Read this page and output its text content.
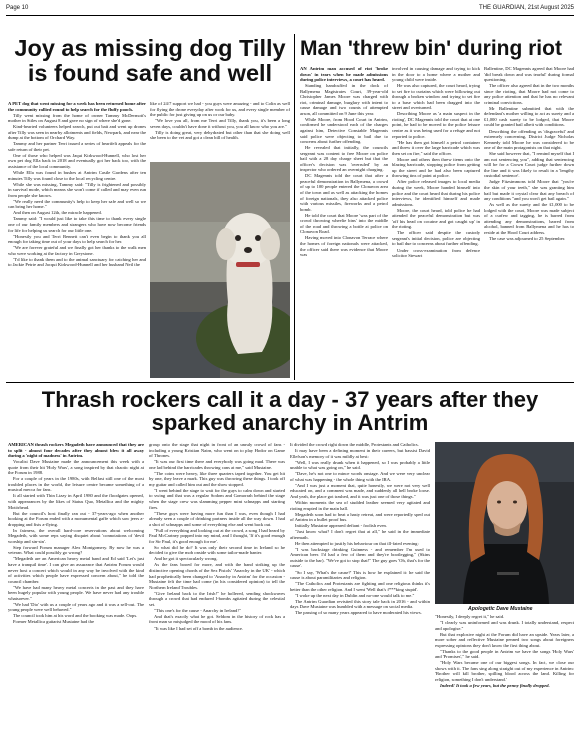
Page 10	THE GUARDIAN, 21st August 2025
Joy as missing dog Tilly is found safe and well

A PET dog that went missing for a week has been returned home after the community rallied round to help search for the fluffy pooch.

Tilly went missing from the home of owner Tammy McDermott's mother in Stiles on August 8 and gave no sign of where she'd gone.

Kind-hearted volunteers helped search, put out bait and went up drones after Tilly was seen in nearby allotments and fields, Newpark, and near the dump at the bottom of Orchard Way.

Tammy and her partner Terri issued a series of heartfelt appeals for the safe return of their pet.

One of those who helped was Jaqui Kirkwood-Hunnell, who lost her own pet dog Ella back in 2018 and eventually got her back too, with the assistance of the local community.

While Ella was found in bushes at Antrim Castle Gardens after ten minutes Tilly was found close to the local recycling centre.

While she was missing, Tammy said: "Tilly is frightened and possibly in survival mode, which means she won't come if called and may even run from people she knows.

"We really need the community's help to keep her safe and well so we can bring her home."

And then on August 12th, the miracle happened.

Tammy said: "I would just like to take this time to thank every single one of our family members and strangers who have now become friends for life for helping us search for our little one.

"Honestly you and Terri Bennett can't even begin to thank you all enough for taking time out of your days to help search for her.

"We are forever grateful and we finally got her thanks to the walk men who were working at the factory in Greystone.

"I'd like to thank them and to the animal sanctuary for catching her and to Jackie Petrie and Jacqui Kirkwood-Hunnell and her husband Neil the

like of 24/7 support we had - you guys were amazing - and to Colin as well for flying the drone everyday after work for us, and every single member of the public for just giving up on us or our baby.

"We love you all, from me Terri and Tilly, thank you, it's been a long seven days, couldn't have done it without you, you all know who you are."

Tilly is doing great, very dehydrated but other than that she doing well she been to the vet and got a clean bill of health.

Man 'threw bin' during riot

AN Antrim man accused of riot 'broke down' in tears when he made admissions during police interviews, a court has heard.

Standing handcuffed in the dock of Ballymena Magistrates Court, 39-year-old Christopher James Moore was charged with riot, criminal damage, burglary with intent to cause damage and two counts of attempted arson, all committed on 9 June this year.

While Moore, from Hood Court in Antrim, confirmed he understood each of the charges against him, Detective Constable Magennis said police were objecting to bail due to concerns about further offending.

He revealed that initially, the councils sergeant was content to free Moore on police bail with a 28 day charge sheet but that the officer's decision was 'overruled' by an inspector who ordered an overnight charging.

DC Magennis told the court that after a peaceful demonstration in Ballymena, a crowd of up to 100 people entered the Clonavon area of the town and as well as attacking the homes of foreign nationals, they also attacked police with various missiles, fireworks and a petrol bomb.

He told the court that Moore 'was part of the crowd throwing wheelie bins' into the middle of the road and throwing a bottle at police on Clonavon Road.

Having moved into Clonavon Terrace where the homes of foreign nationals were attacked, the officer said there was evidence that Moore was

involved in causing damage and trying to kick in the door to a home where a mother and young child were inside.

He was also captured, the court heard, trying to set fire to curtains which were billowing out through a broken window and trying to set fire to a base which had been dragged into the street and overturned.

Describing Moore as 'a main suspect in the rioting', DC Magennis told the court that at one point, he had to be moved to the police leisure centre as it was being used for a refuge and not reported to police.

"He has then got himself a petrol container and threw it over the large barricade which was then set on fire," said the officer.

Moore and others then threw items onto the blazing barricade, stopping police from getting up the street and he had also been captured throwing tins of paint at police.

After police released images to local media during the week, Moore handed himself into police and the court heard that during his police interviews, he identified himself and made admissions.

Moore, the court heard, told police he had attended the peaceful demonstration but was 'off his head on cocaine and got caught up' in the rioting.

The officer said despite the custody sergeant's initial decision, police are objecting to bail due to concerns about further offending.

Under cross-examination from defence solicitor Stewart

Ballentine, DC Magennis agreed that Moore had 'did break down and was tearful' during formal questioning.

The officer also agreed that in the two months since the rioting, that Moore had not come to any police attention and that he has no relevant criminal convictions.

Mr Ballentine submitted that with the defendant's mother willing to act as surety and a £1,000 cash surety to be lodged, that Moore could be granted bail albeit with conditions.

Describing the offending as 'disgraceful' and extremely concerning, District Judge Nicholas Kennedy told Moore he was considered to be one of the main protagonists on that night.

She said however that, "I remind myself that I am not sentencing you", adding that sentencing will be for a Crown Court judge further down the line and it was likely to result in a 'lengthy custodial sentence'.

Judge Fitzsimmons told Moore that "you're the skin of your teeth," she was granting him bail but made it crystal clear that any breach of any conditions "and you won't get bail again."

As well as the surety and the £1,000 to be lodged with the court, Moore was made subject of a curfew and tagging, he is barred from attending any demonstrations, barred from alcohol, banned from Ballymena and he has to reside at the Hood Court address.

The case was adjourned to 25 September.

Thrash rockers call it a day - 37 years after they sparked anarchy in Antrim

AMERICAN thrash rockers Megadeth have announced that they are to split - almost four decades after they almost blew it all away during a 'night of madness' in Antrim.

Vocalist Dave Mustaine made the announcement this week with a quote from their hit 'Holy Wars', a song inspired by that chaotic night at the Forum in 1988.

For a couple of years in the 1980s, with Belfast still one of the most troubled places in the world, the leisure centre became something of a musical mecca for fans.

It all started with Thin Lizzy in April 1980 and the floodgates opened, with appearances by the likes of Status Quo, Metallica and the mighty Motörhead.

But the council's host finally ran out - 37-years-ago when another booking at the Forum ended with a monumental gaffe which saw jeers a-dropping and fists a-flying.

In fairness, the overall hard-core reservations about welcoming Megadeth, with some reps saying disquiet about 'connotations of 'devil worship and sin-sin'.

Step forward Forum manager Alex Montgomery. By now he was a veteran. What could possibly go wrong?

"Megadeth are an American heavy metal band and Ed said 'Let's just have a tranquil time'. I can give an assurance that Antrim Forum would never host a concert which would in any way be involved with the kind of activities which people have expressed concern about," he told the council chamber.

"We have had many heavy metal concerts in the past and they have been hugely popular with young people. We have never had any trouble whatsoever."

"We had 'Dio' with us a couple of years ago and it was a sell-out. The young people were well behaved."

The council took him at his word and the booking was made. Oops.

Former Metallica guitarist Mustaine had the

group onto the stage that night in front of an unruly crowd of fans - including a young Kristian Nairn, who went on to play Hodor on Game of Thrones.

"It was our first time there and everybody was going mad. There was one lad behind the barricades throwing cans at me," said Mustaine.

"The coins were heavy, like three quarters taped together. You get hit by one, they leave a mark. This guy was throwing these things. I took off my guitar and called him out and the show stopped.

"I went behind the stage to wait for the guys to calm down and started to swing and that was a regular Sodom and Gomorrah behind the stage when the stage crew was slamming pepper mint schnapps and starting fires.

"These guys were having more fun than I was, even though I had already seen a couple of drinking partners inside all the way down. I had a shot of schnapps and some of everything else and went back out.

"Full of everything and looking out at the crowd, a song I had heard by Paul McCartney popped into my mind, and I thought, 'If it's good enough for Sir Paul, it's good enough for me'.

So what did he do? It was only their second time in Ireland so he decided to give the mob onside with some tailor-made banter.

And he got it spectacularly wrong.

As the fans booed for more, and with the band striking up the distinctive opening chords of the Sex Pistols' 'Anarchy in the UK' - which had prophetically been changed to 'Anarchy in Antrim' for the occasion - Mustaine felt the time had come (in his considered opinion) to tell the Northern Ireland Troubles.

"Give Ireland back to the Irish!" he hollered, sending shockwaves through a crowd that had endured I-bombs agitated during the celestial set.

"This one's for the cause - Anarchy in Ireland!"

And that's exactly what he got. Seldom in the history of rock has a front man so misjudged the mood of his fans.

"It was like I had set off a bomb in the audience.

It divided the crowd right down the middle, Protestants and Catholics.

It may have been a defining moment in their careers, but bassist David Ellefson's memory of it was mildly at best:

"Well, I was really drunk when it happened, so I was probably a little unable to what was going on," he said.

"Dave, he's not one to mince words onstage. And we were very unclear of what was happening - the whole thing with the IRA.

"And I was just a moment that, quite honestly, we were not very well educated on, and a comment was made, and suddenly all hell broke loose. And yeah, the place got trashed, and it was just one of those things."

Within moments the sea of studded leather seemed very agitated and rioting erupted in the main hall.

Megadeth soon had to beat a hasty retreat, and were reportedly sped out of Antrim in a bullet proof bus.

Initially Mustaine appeared defiant - foolish even.

"Just know what? I don't regret that at all," he said in the immediate aftermath.

He then attempted to justify his behaviour on that ill-fated evening:

"I was backstage drinking Guinness - and remember I'm used to American beer. I'd had a few of them and they're bootlegging," (Skins outside to the bar). "We've got to stop that!" The guy goes 'Oh, that's for the cause'.

"So I say, 'What's the cause?' This is how he explained it: he said the cause is about paramilitaries and religion.

"The Catholics and Protestants are fighting and one religious thinks it's better than the other religion. And I went 'Well that's f***king stupid'.

"I woke up the next day in Dublin and no-one would talk to me."

The Antrim Guardian revisited this story tale back in 2016 - and within days Dave Mustaine was humbled with a message on social media.

The passing of so many years appeared to have moderated his views.

Apologetic Dave Mustaine

"Honestly, I deeply regret it," he said.

"I clearly was uninformed and was drunk. I totally understand, respect and apologise."

But that explosive night at the Forum did have an upside. Years later, a more sober and reflective Mustaine penned two songs about foreigners expressing opinions they don't know the first thing about.

"Thanks to the good people in Antrim we have the songs 'Holy Wars' and 'Promises'," he said.

"Holy Wars became one of our biggest songs. In fact, we close our shows with it. The fans sing along straight out of my experience in Antrim: 'Brother will kill brother, spilling blood across the land. Killing for religion, something I don't understand.'

Indeed! It took a few years, but the penny finally dropped.
